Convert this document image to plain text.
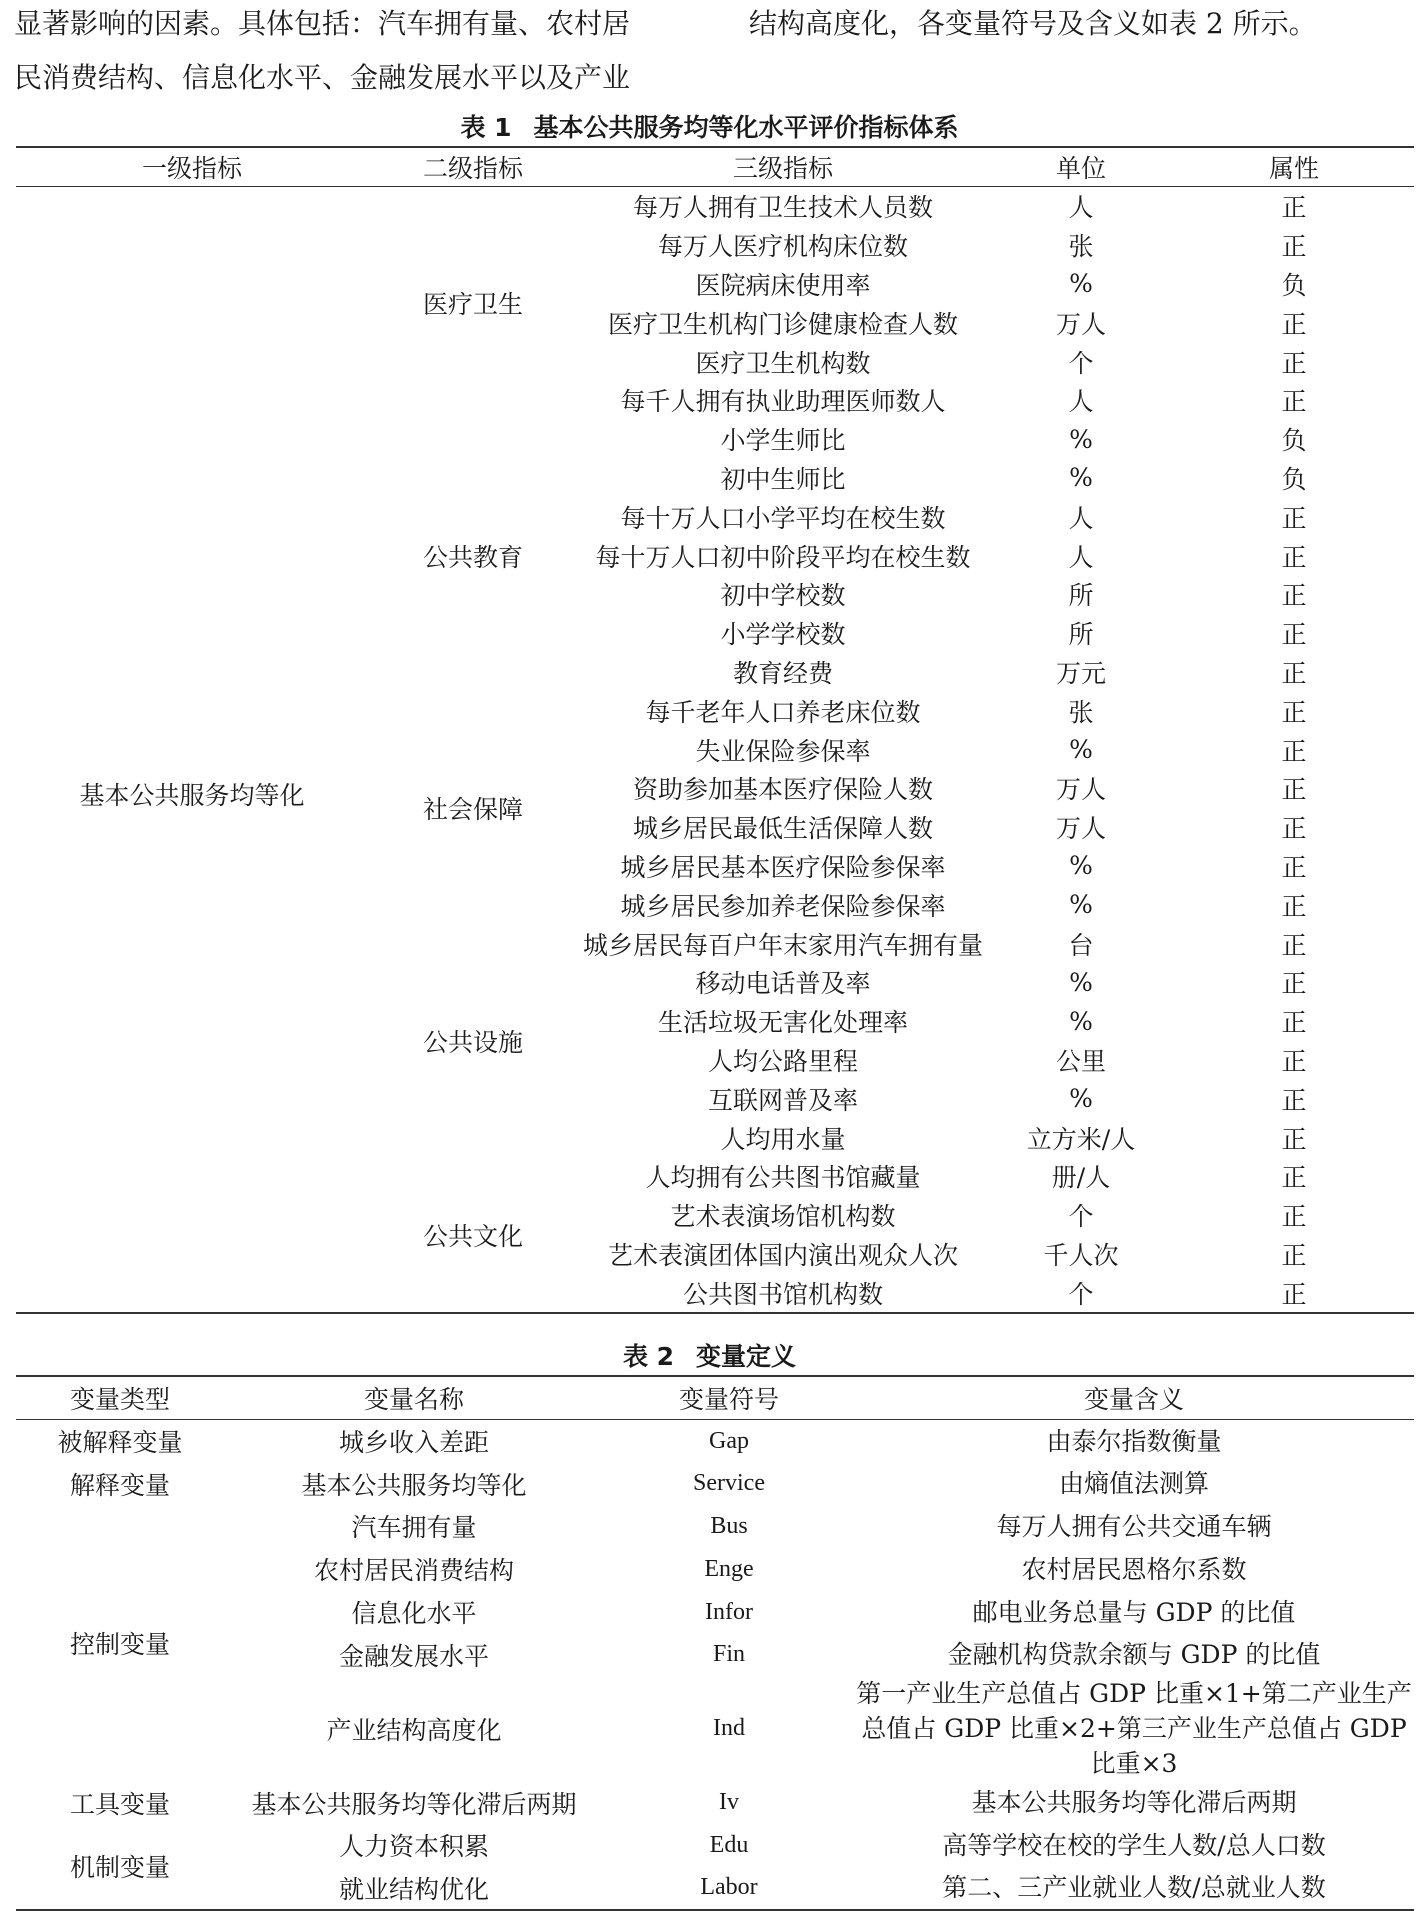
显著影响的因素。具体包括：汽车拥有量、农村居	结构高度化，各变量符号及含义如表 2 所示。
民消费结构、信息化水平、金融发展水平以及产业
表 1 基本公共服务均等化水平评价指标体系
一级指标	二级指标	三级指标	单位	属性
基本公共服务均等化	医疗卫生	每万人拥有卫生技术人员数	人	正
		每万人医疗机构床位数	张	正
		医院病床使用率	%	负
		医疗卫生机构门诊健康检查人数	万人	正
		医疗卫生机构数	个	正
		每千人拥有执业助理医师数人	人	正
	公共教育	小学生师比	%	负
		初中生师比	%	负
		每十万人口小学平均在校生数	人	正
		每十万人口初中阶段平均在校生数	人	正
		初中学校数	所	正
		小学学校数	所	正
		教育经费	万元	正
	社会保障	每千老年人口养老床位数	张	正
		失业保险参保率	%	正
		资助参加基本医疗保险人数	万人	正
		城乡居民最低生活保障人数	万人	正
		城乡居民基本医疗保险参保率	%	正
		城乡居民参加养老保险参保率	%	正
	公共设施	城乡居民每百户年末家用汽车拥有量	台	正
		移动电话普及率	%	正
		生活垃圾无害化处理率	%	正
		人均公路里程	公里	正
		互联网普及率	%	正
		人均用水量	立方米/人	正
	公共文化	人均拥有公共图书馆藏量	册/人	正
		艺术表演场馆机构数	个	正
		艺术表演团体国内演出观众人次	千人次	正
		公共图书馆机构数	个	正
表 2 变量定义
变量类型	变量名称	变量符号	变量含义
被解释变量	城乡收入差距	Gap	由泰尔指数衡量
解释变量	基本公共服务均等化	Service	由熵值法测算
控制变量	汽车拥有量	Bus	每万人拥有公共交通车辆
	农村居民消费结构	Enge	农村居民恩格尔系数
	信息化水平	Infor	邮电业务总量与 GDP 的比值
	金融发展水平	Fin	金融机构贷款余额与 GDP 的比值
	产业结构高度化	Ind	第一产业生产总值占 GDP 比重×1+第二产业生产总值占 GDP 比重×2+第三产业生产总值占 GDP 比重×3
工具变量	基本公共服务均等化滞后两期	Iv	基本公共服务均等化滞后两期
机制变量	人力资本积累	Edu	高等学校在校的学生人数/总人口数
	就业结构优化	Labor	第二、三产业就业人数/总就业人数
